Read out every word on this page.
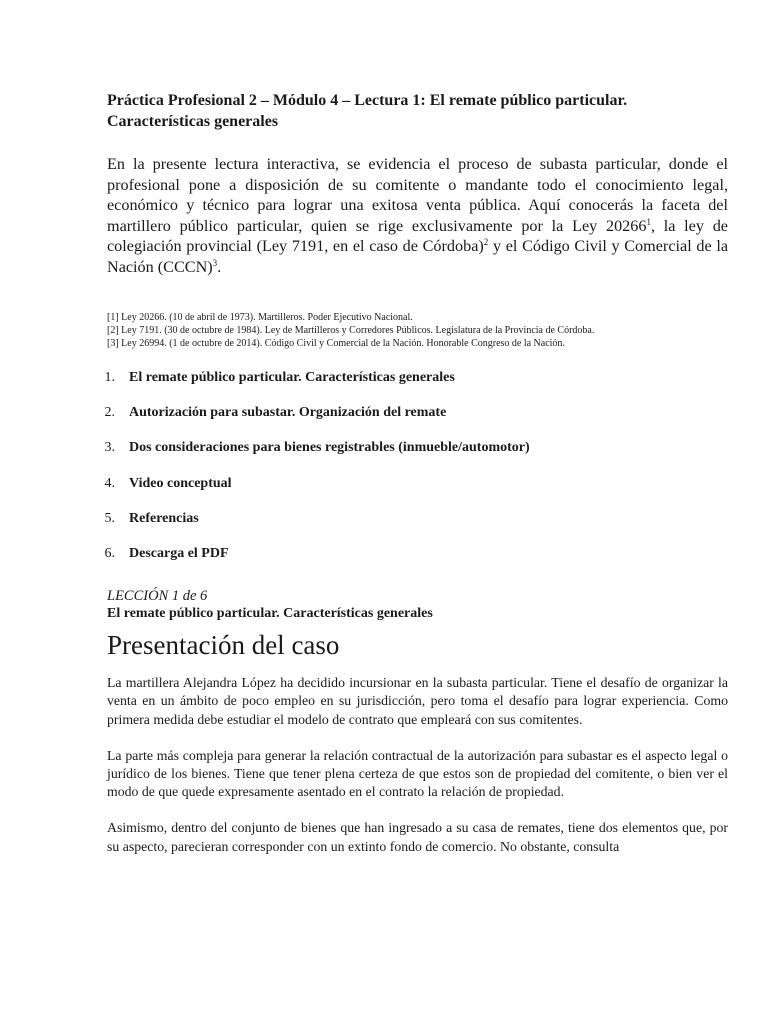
Práctica Profesional 2 – Módulo 4 – Lectura 1: El remate público particular.
Características generales

En la presente lectura interactiva, se evidencia el proceso de subasta particular, donde el profesional pone a disposición de su comitente o mandante todo el conocimiento legal, económico y técnico para lograr una exitosa venta pública. Aquí conocerás la faceta del martillero público particular, quien se rige exclusivamente por la Ley 20266$^1$, la ley de colegiación provincial (Ley 7191, en el caso de Córdoba)$^2$ y el Código Civil y Comercial de la Nación (CCCN)$^3$.

[1] Ley 20266. (10 de abril de 1973). Martilleros. Poder Ejecutivo Nacional.
[2] Ley 7191. (30 de octubre de 1984). Ley de Martilleros y Corredores Públicos. Legislatura de la Provincia de Córdoba.
[3] Ley 26994. (1 de octubre de 2014). Código Civil y Comercial de la Nación. Honorable Congreso de la Nación.
1.	El remate público particular. Características generales
2.	Autorización para subastar. Organización del remate
3.	Dos consideraciones para bienes registrables (inmueble/automotor)
4.	Video conceptual
5.	Referencias
6.	Descarga el PDF
LECCIÓN 1 de 6
El remate público particular. Características generales
Presentación del caso

La martillera Alejandra López ha decidido incursionar en la subasta particular. Tiene el desafío de organizar la venta en un ámbito de poco empleo en su jurisdicción, pero toma el desafío para lograr experiencia. Como primera medida debe estudiar el modelo de contrato que empleará con sus comitentes.

La parte más compleja para generar la relación contractual de la autorización para subastar es el aspecto legal o jurídico de los bienes. Tiene que tener plena certeza de que estos son de propiedad del comitente, o bien ver el modo de que quede expresamente asentado en el contrato la relación de propiedad.

Asimismo, dentro del conjunto de bienes que han ingresado a su casa de remates, tiene dos elementos que, por su aspecto, parecieran corresponder con un extinto fondo de comercio. No obstante, consulta
